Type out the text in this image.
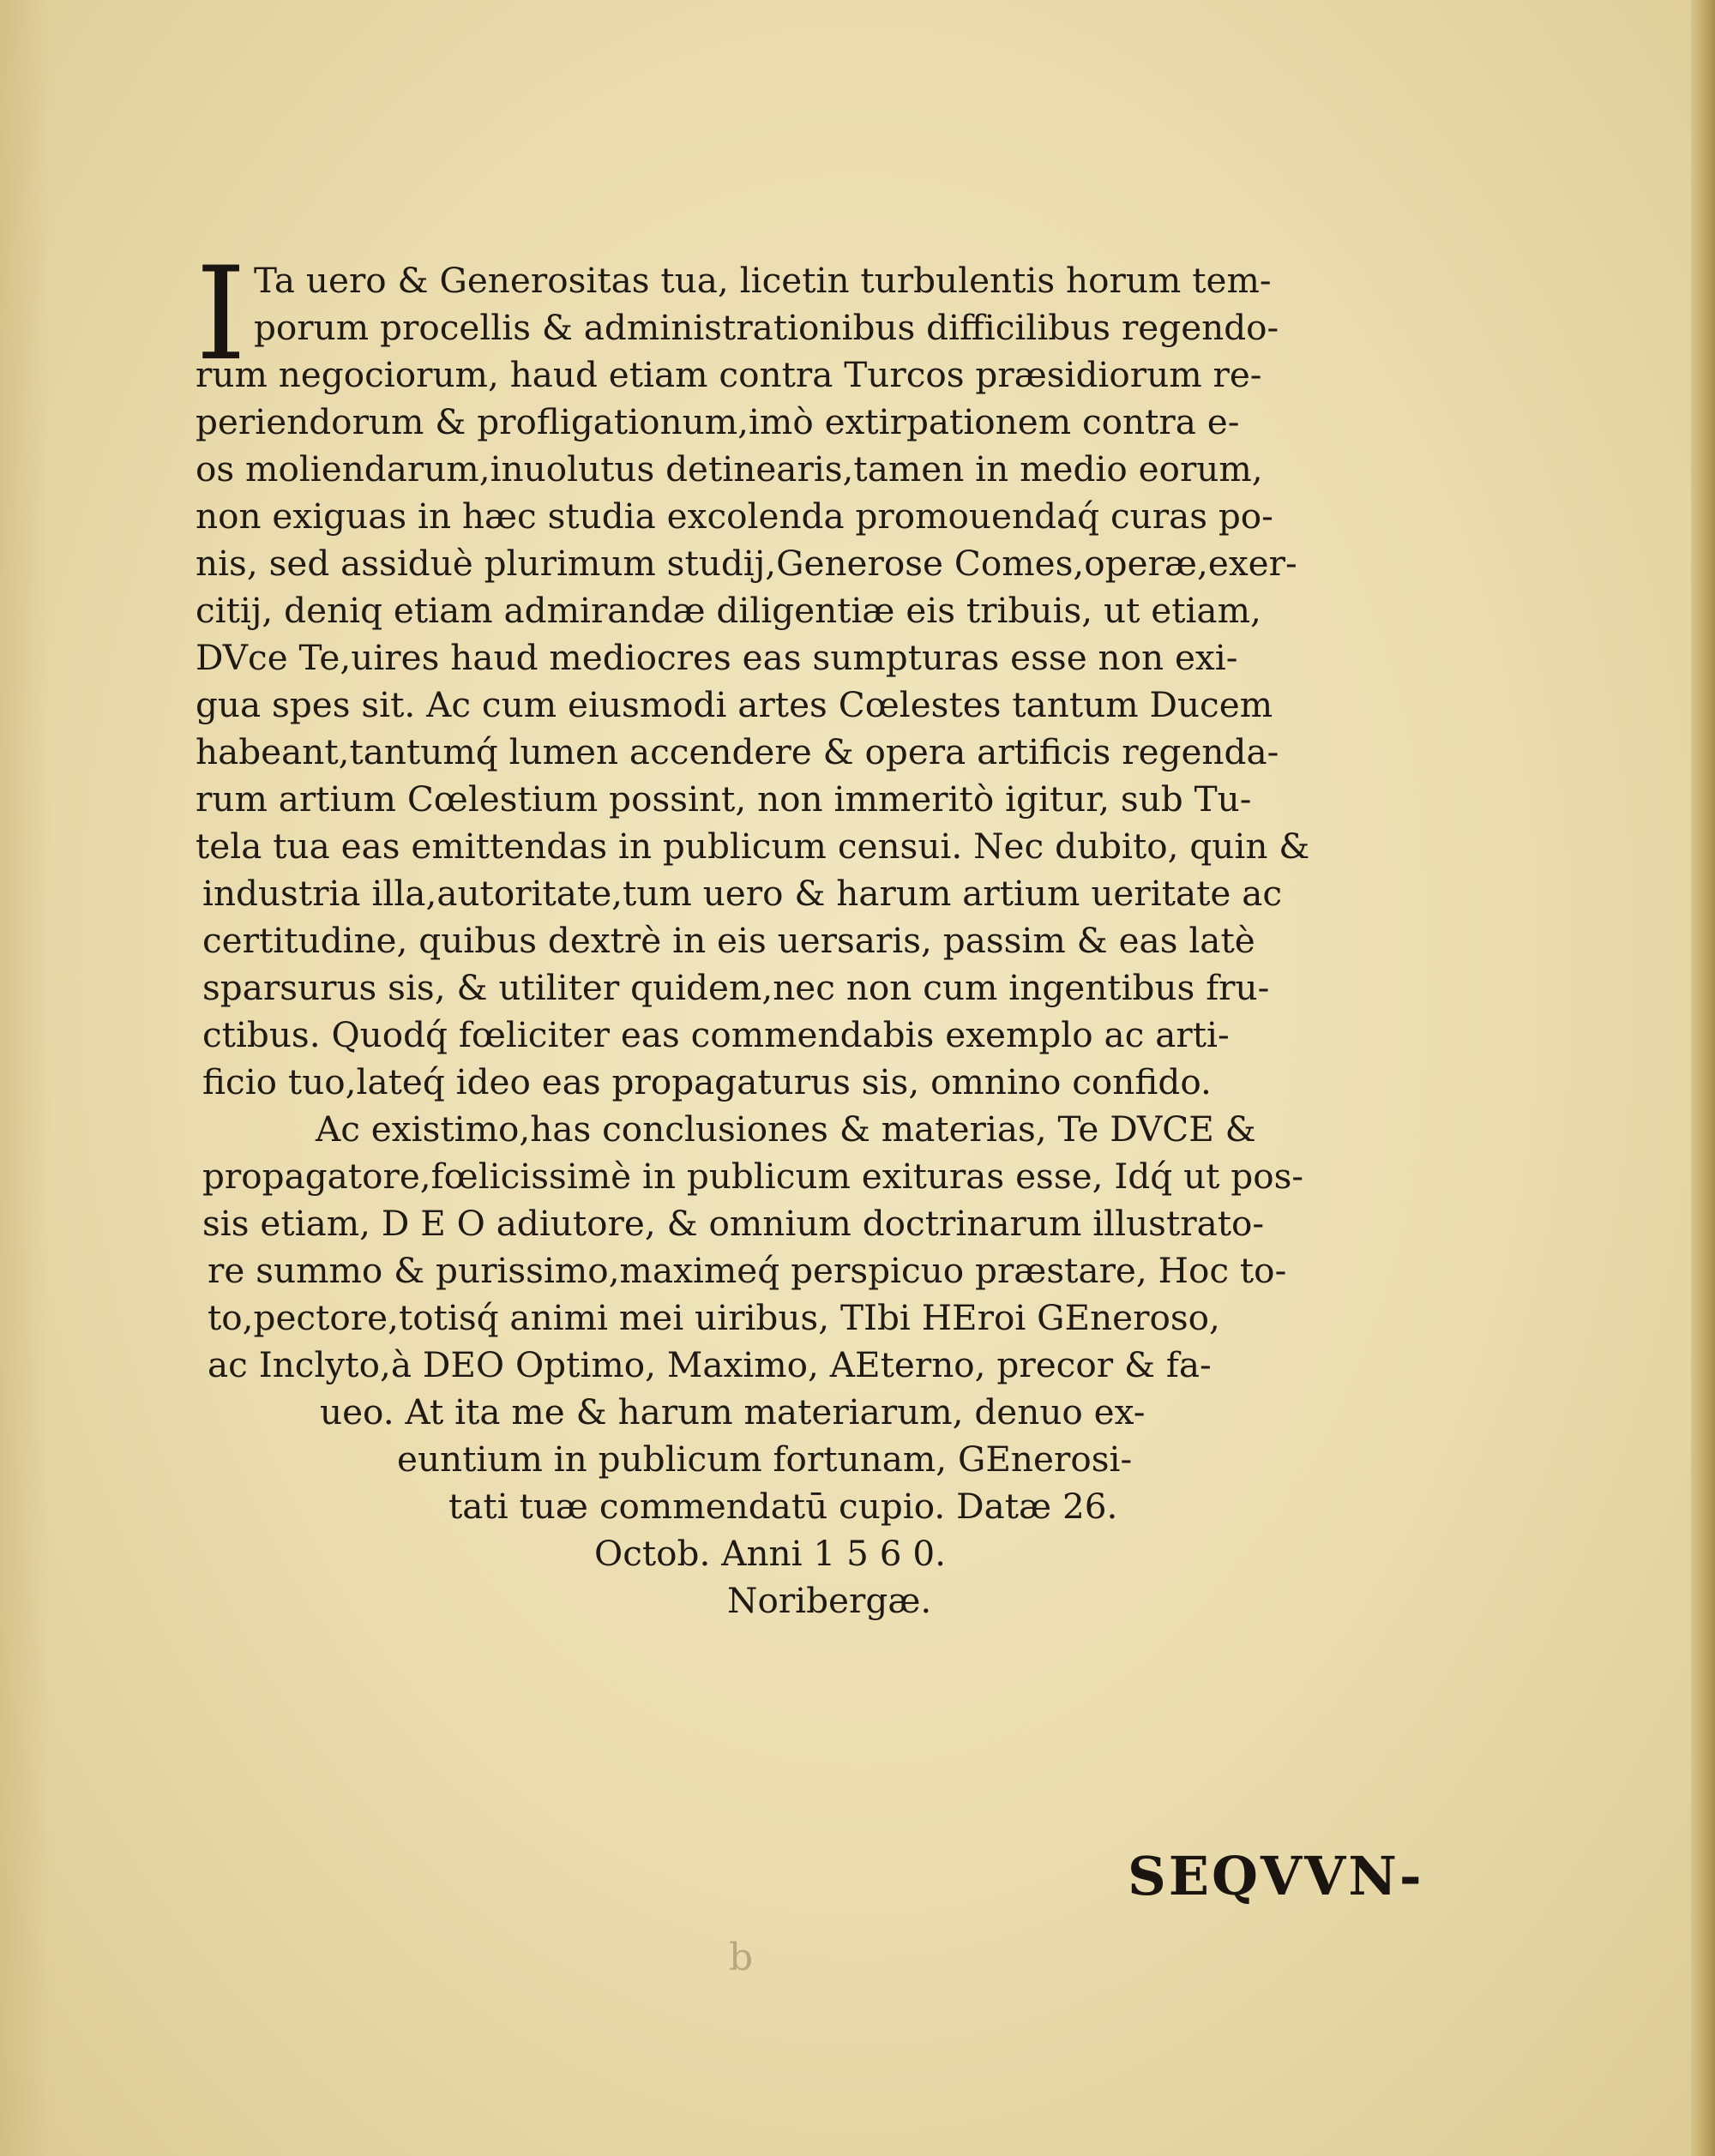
I Ta uero & Generositas tua, licetin turbulentis horum tem-
porum procellis & administrationibus difficilibus regendo-
rum negociorum, haud etiam contra Turcos præsidiorum re-
periendorum & profligationum,imò extirpationem contra e-
os moliendarum,inuolutus detinearis,tamen in medio eorum,
non exiguas in hæc studia excolenda promouendaq́ curas po-
nis, sed assiduè plurimum studij,Generose Comes,operæ,exer-
citij, deniq etiam admirandæ diligentiæ eis tribuis, ut etiam,
DVce Te,uires haud mediocres eas sumpturas esse non exi-
gua spes sit. Ac cum eiusmodi artes Cœlestes tantum Ducem
habeant,tantumq́ lumen accendere & opera artificis regenda-
rum artium Cœlestium possint, non immeritò igitur, sub Tu-
tela tua eas emittendas in publicum censui. Nec dubito, quin &
industria illa,autoritate,tum uero & harum artium ueritate ac
certitudine, quibus dextrè in eis uersaris, passim & eas latè
sparsurus sis, & utiliter quidem,nec non cum ingentibus fru-
ctibus. Quodq́ fœliciter eas commendabis exemplo ac arti-
ficio tuo,lateq́ ideo eas propagaturus sis, omnino confido.
Ac existimo,has conclusiones & materias, Te DVCE &
propagatore,fœlicissimè in publicum exituras esse, Idq́ ut pos-
sis etiam, D E O adiutore, & omnium doctrinarum illustrato-
re summo & purissimo,maximeq́ perspicuo præstare, Hoc to-
to,pectore,totisq́ animi mei uiribus, TIbi HEroi GEneroso,
ac Inclyto,à DEO Optimo, Maximo, AEterno, precor & fa-
ueo. At ita me & harum materiarum, denuo ex-
euntium in publicum fortunam, GEnerosi-
tati tuæ commendatū cupio. Datæ 26.
Octob. Anni 1 5 6 0.
Noribergæ.
SEQVVN-
b
